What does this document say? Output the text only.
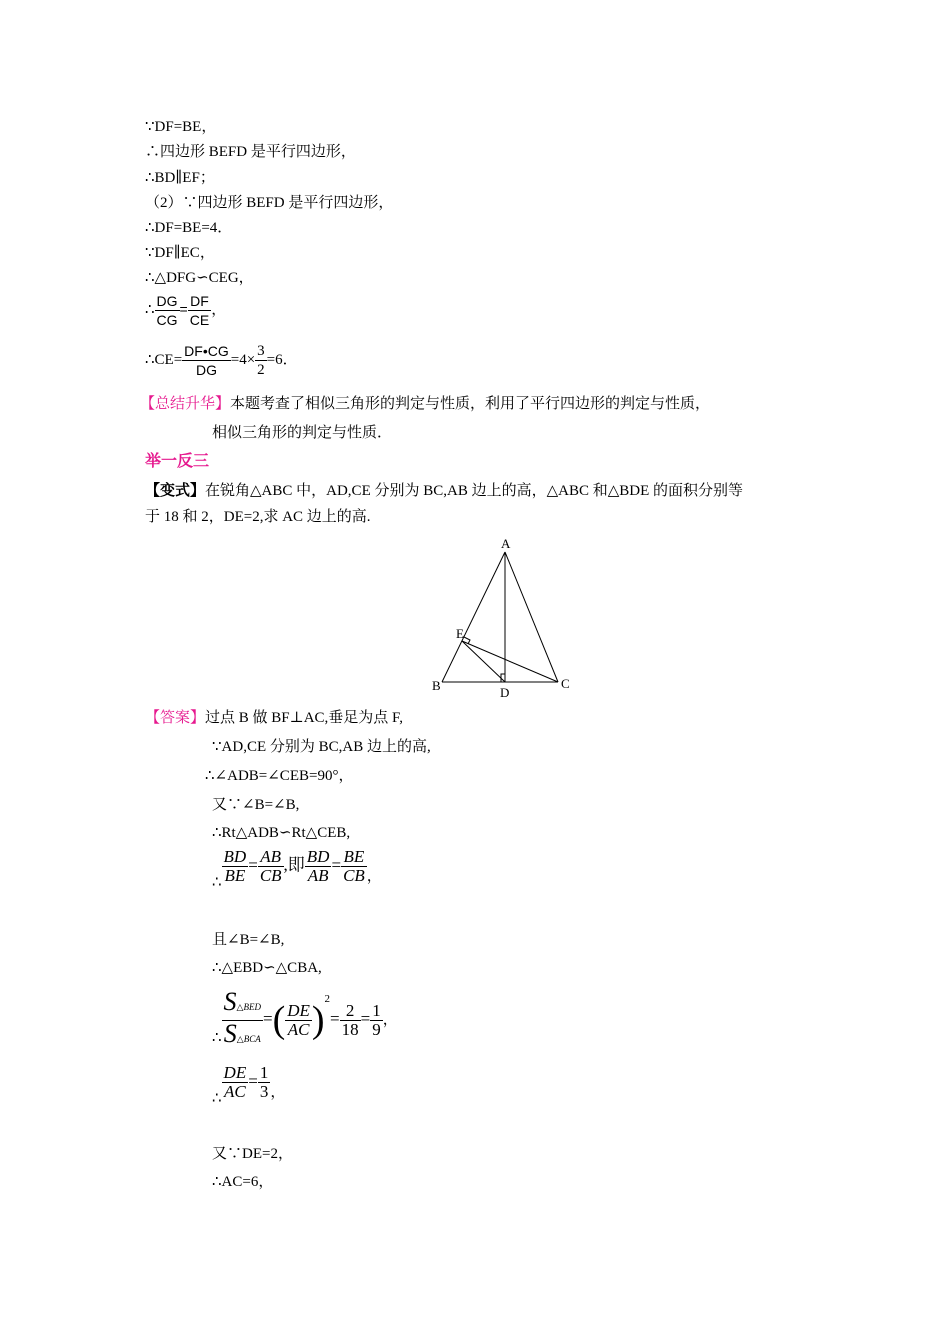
∵DF=BE，
∴四边形 BEFD 是平行四边形，
∴BD∥EF；
（2）∵四边形 BEFD 是平行四边形，
∴DF=BE=4．
∵DF∥EC，
∴△DFG∽CEG，
∴ $\frac{DG}{CG} = \frac{DF}{CE}$ ，
∴CE= $\frac{DF•CG}{DG} =4\times \frac{3}{2} =6$．
【总结升华】本题考查了相似三角形的判定与性质，利用了平行四边形的判定与性质，
相似三角形的判定与性质．
举一反三
【变式】在锐角△ABC 中，AD,CE 分别为 BC,AB 边上的高，△ABC 和△BDE 的面积分别等
于 18 和 2，DE=2,求 AC 边上的高.
A
B	C
D
E
【答案】过点 B 做 BF⊥AC,垂足为点 F,
∵AD,CE 分别为 BC,AB 边上的高,
∴∠ADB=∠CEB=90°，
又∵∠B=∠B,
∴Rt△ADB∽Rt△CEB,
∴ $\frac{BD}{BE} = \frac{AB}{CB}$ ,即 $\frac{BD}{AB} = \frac{BE}{CB}$ ，
且∠B=∠B,
∴△EBD∽△CBA,
∴ $\frac{\text{S△BED}}{\text{S△BCA}}$ =( $\frac{DE}{AC} )^2= \frac{2}{18} = \frac{1}{9}$ ，
∴ $\frac{DE}{AC} = \frac{1}{3}$ ，
又∵DE=2，
∴AC=6，
